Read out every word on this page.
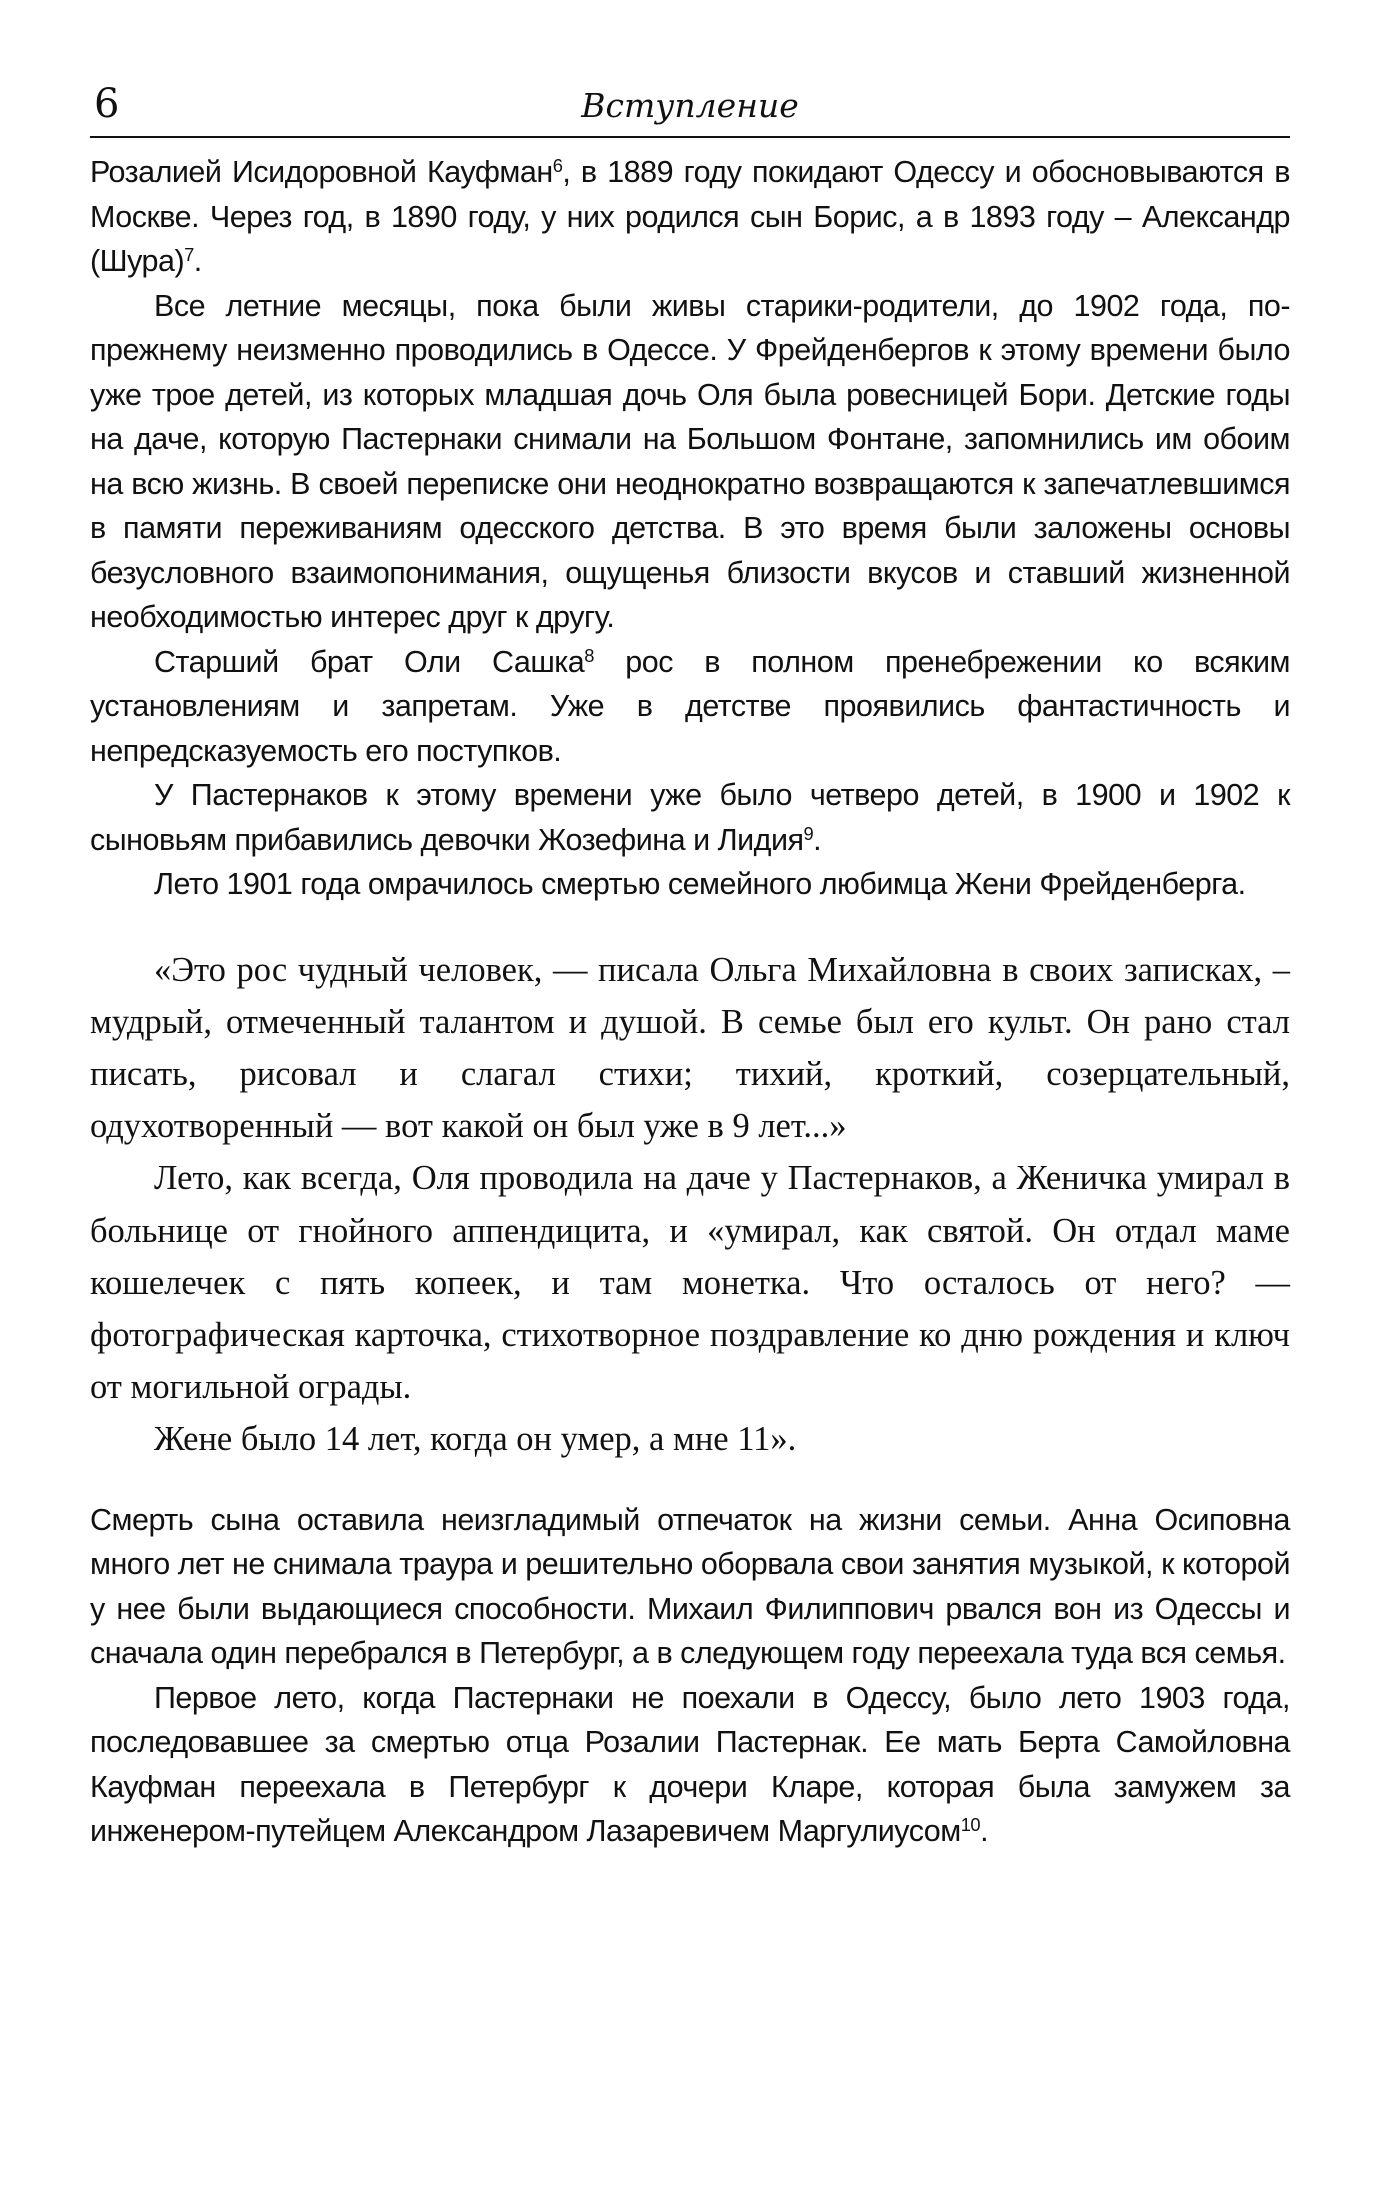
6	Вступление

Розалией Исидоровной Кауфман$^6$, в 1889 году покидают Одессу и обосновываются в Москве. Через год, в 1890 году, у них родился сын Борис, а в 1893 году – Александр (Шура)$^7$.

Все летние месяцы, пока были живы старики-родители, до 1902 года, по-прежнему неизменно проводились в Одессе. У Фрейденбергов к этому времени было уже трое детей, из которых младшая дочь Оля была ровесницей Бори. Детские годы на даче, которую Пастернаки снимали на Большом Фонтане, запомнились им обоим на всю жизнь. В своей переписке они неоднократно возвращаются к запечатлевшимся в памяти переживаниям одесского детства. В это время были заложены основы безусловного взаимопонимания, ощущенья близости вкусов и ставший жизненной необходимостью интерес друг к другу.

Старший брат Оли Сашка$^8$ рос в полном пренебрежении ко всяким установлениям и запретам. Уже в детстве проявились фантастичность и непредсказуемость его поступков.

У Пастернаков к этому времени уже было четверо детей, в 1900 и 1902 к сыновьям прибавились девочки Жозефина и Лидия$^9$.

Лето 1901 года омрачилось смертью семейного любимца Жени Фрейденберга.

«Это рос чудный человек, — писала Ольга Михайловна в своих записках, – мудрый, отмеченный талантом и душой. В семье был его культ. Он рано стал писать, рисовал и слагал стихи; тихий, кроткий, созерцательный, одухотворенный — вот какой он был уже в 9 лет...»

Лето, как всегда, Оля проводила на даче у Пастернаков, а Женичка умирал в больнице от гнойного аппендицита, и «умирал, как святой. Он отдал маме кошелечек с пять копеек, и там монетка. Что осталось от него? — фотографическая карточка, стихотворное поздравление ко дню рождения и ключ от могильной ограды.

Жене было 14 лет, когда он умер, а мне 11».

Смерть сына оставила неизгладимый отпечаток на жизни семьи. Анна Осиповна много лет не снимала траура и решительно оборвала свои занятия музыкой, к которой у нее были выдающиеся способности. Михаил Филиппович рвался вон из Одессы и сначала один перебрался в Петербург, а в следующем году переехала туда вся семья.

Первое лето, когда Пастернаки не поехали в Одессу, было лето 1903 года, последовавшее за смертью отца Розалии Пастернак. Ее мать Берта Самойловна Кауфман переехала в Петербург к дочери Кларе, которая была замужем за инженером-путейцем Александром Лазаревичем Маргулиусом$^{10}$.
